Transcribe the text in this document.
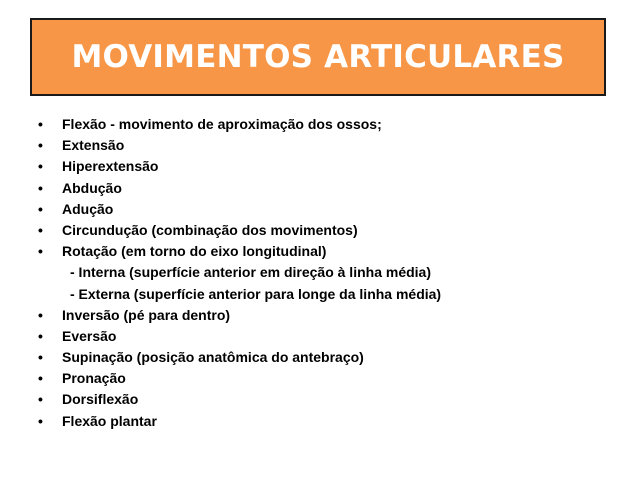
MOVIMENTOS ARTICULARES
• Flexão - movimento de aproximação dos ossos;
• Extensão
• Hiperextensão
• Abdução
• Adução
• Circundução (combinação dos movimentos)
• Rotação (em torno do eixo longitudinal)
- Interna (superfície anterior em direção à linha média)
- Externa (superfície anterior para longe da linha média)
• Inversão (pé para dentro)
• Eversão
• Supinação (posição anatômica do antebraço)
• Pronação
• Dorsiflexão
• Flexão plantar
